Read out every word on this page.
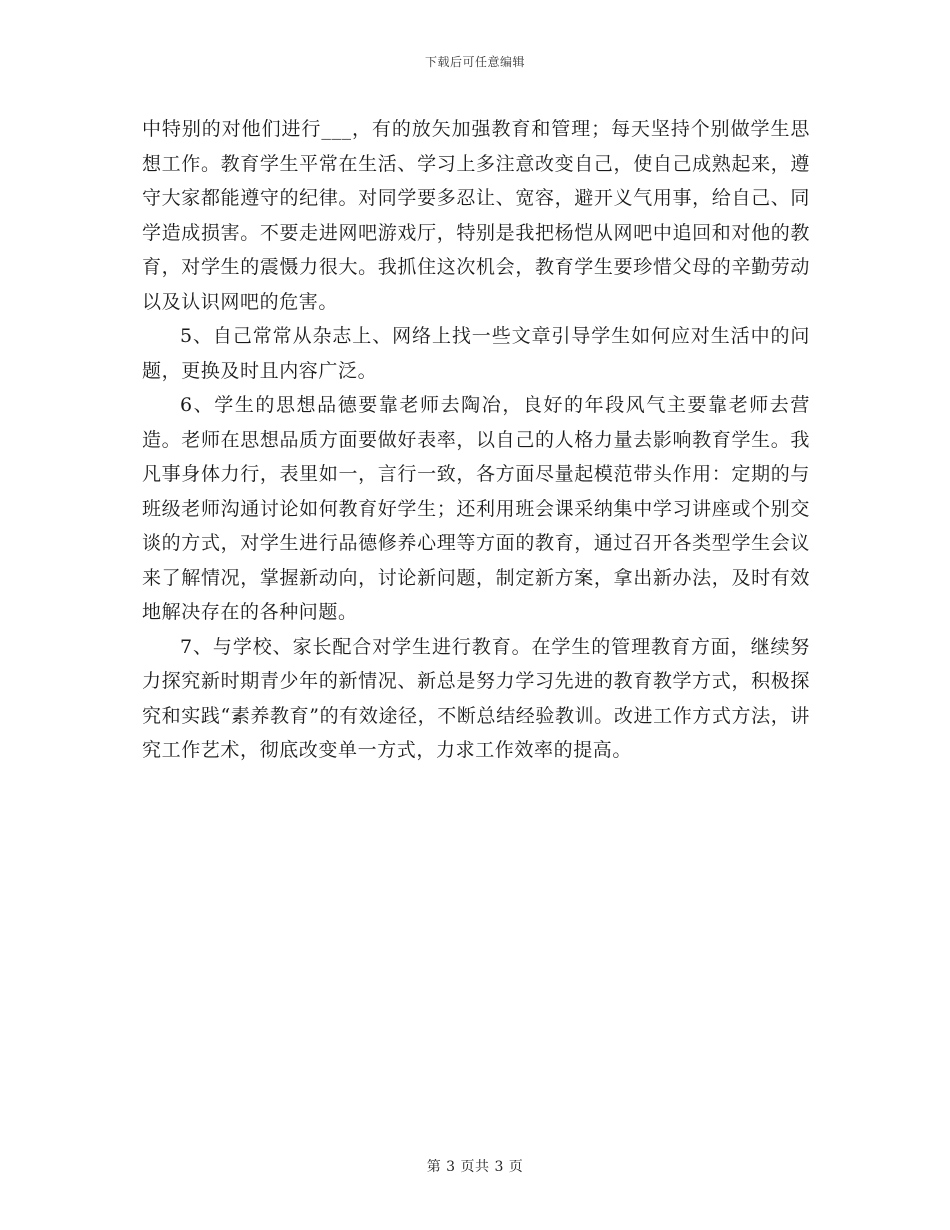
下载后可任意编辑

中特别的对他们进行___，有的放矢加强教育和管理；每天坚持个别做学生思想工作。教育学生平常在生活、学习上多注意改变自己，使自己成熟起来，遵守大家都能遵守的纪律。对同学要多忍让、宽容，避开义气用事，给自己、同学造成损害。不要走进网吧游戏厅，特别是我把杨恺从网吧中追回和对他的教育，对学生的震慑力很大。我抓住这次机会，教育学生要珍惜父母的辛勤劳动以及认识网吧的危害。

5、自己常常从杂志上、网络上找一些文章引导学生如何应对生活中的问题，更换及时且内容广泛。

6、学生的思想品德要靠老师去陶冶，良好的年段风气主要靠老师去营造。老师在思想品质方面要做好表率，以自己的人格力量去影响教育学生。我凡事身体力行，表里如一，言行一致，各方面尽量起模范带头作用：定期的与班级老师沟通讨论如何教育好学生；还利用班会课采纳集中学习讲座或个别交谈的方式，对学生进行品德修养心理等方面的教育，通过召开各类型学生会议来了解情况，掌握新动向，讨论新问题，制定新方案，拿出新办法，及时有效地解决存在的各种问题。

7、与学校、家长配合对学生进行教育。在学生的管理教育方面，继续努力探究新时期青少年的新情况、新总是努力学习先进的教育教学方式，积极探究和实践“素养教育”的有效途径，不断总结经验教训。改进工作方式方法，讲究工作艺术，彻底改变单一方式，力求工作效率的提高。

第 3 页共 3 页
